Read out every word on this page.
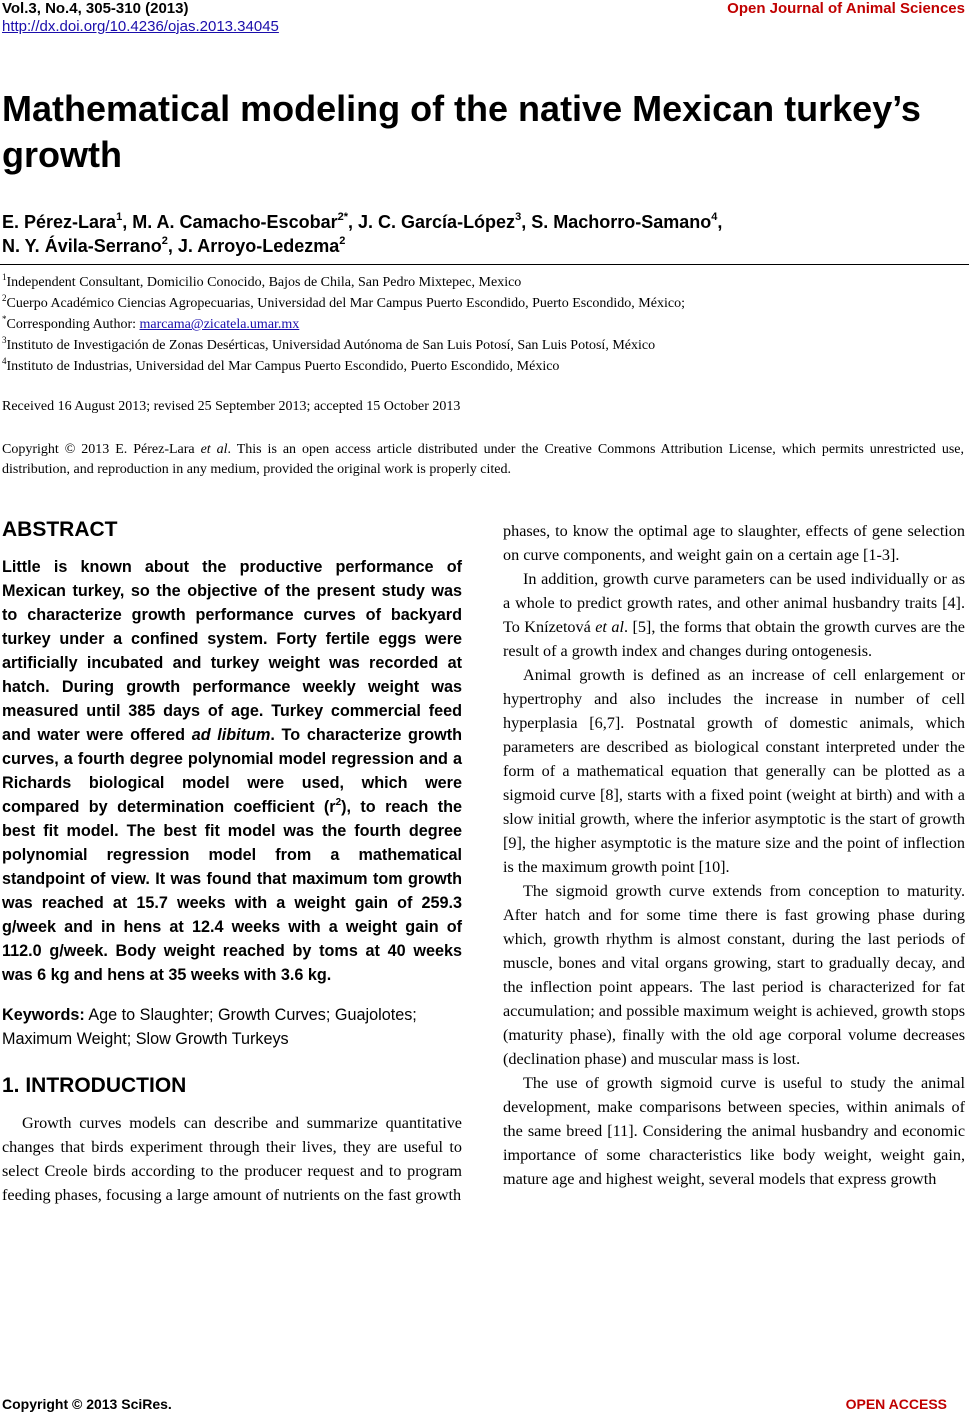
Vol.3, No.4, 305-310 (2013)
http://dx.doi.org/10.4236/ojas.2013.34045
Open Journal of Animal Sciences
Mathematical modeling of the native Mexican turkey’s growth
E. Pérez-Lara$^1$, M. A. Camacho-Escobar$^{2*}$, J. C. García-López$^3$, S. Machorro-Samano$^4$,
N. Y. Ávila-Serrano$^2$, J. Arroyo-Ledezma$^2$
$^1$Independent Consultant, Domicilio Conocido, Bajos de Chila, San Pedro Mixtepec, Mexico
$^2$Cuerpo Académico Ciencias Agropecuarias, Universidad del Mar Campus Puerto Escondido, Puerto Escondido, México;
*Corresponding Author: marcama@zicatela.umar.mx
$^3$Instituto de Investigación de Zonas Desérticas, Universidad Autónoma de San Luis Potosí, San Luis Potosí, México
$^4$Instituto de Industrias, Universidad del Mar Campus Puerto Escondido, Puerto Escondido, México
Received 16 August 2013; revised 25 September 2013; accepted 15 October 2013
Copyright © 2013 E. Pérez-Lara et al. This is an open access article distributed under the Creative Commons Attribution License, which permits unrestricted use, distribution, and reproduction in any medium, provided the original work is properly cited.
ABSTRACT
Little is known about the productive performance of Mexican turkey, so the objective of the present study was to characterize growth performance curves of backyard turkey under a confined system. Forty fertile eggs were artificially incubated and turkey weight was recorded at hatch. During growth performance weekly weight was measured until 385 days of age. Turkey commercial feed and water were offered ad libitum. To characterize growth curves, a fourth degree polynomial model regression and a Richards biological model were used, which were compared by determination coefficient $(r^2)$, to reach the best fit model. The best fit model was the fourth degree polynomial regression model from a mathematical standpoint of view. It was found that maximum tom growth was reached at 15.7 weeks with a weight gain of 259.3 g/week and in hens at 12.4 weeks with a weight gain of 112.0 g/week. Body weight reached by toms at 40 weeks was 6 kg and hens at 35 weeks with 3.6 kg.
Keywords: Age to Slaughter; Growth Curves; Guajolotes; Maximum Weight; Slow Growth Turkeys
1. INTRODUCTION

Growth curves models can describe and summarize quantitative changes that birds experiment through their lives, they are useful to select Creole birds according to the producer request and to program feeding phases, focusing a large amount of nutrients on the fast growth

phases, to know the optimal age to slaughter, effects of gene selection on curve components, and weight gain on a certain age [1-3].

In addition, growth curve parameters can be used individually or as a whole to predict growth rates, and other animal husbandry traits [4]. To Knízetová et al. [5], the forms that obtain the growth curves are the result of a growth index and changes during ontogenesis.

Animal growth is defined as an increase of cell enlargement or hypertrophy and also includes the increase in number of cell hyperplasia [6,7]. Postnatal growth of domestic animals, which parameters are described as biological constant interpreted under the form of a mathematical equation that generally can be plotted as a sigmoid curve [8], starts with a fixed point (weight at birth) and with a slow initial growth, where the inferior asymptotic is the start of growth [9], the higher asymptotic is the mature size and the point of inflection is the maximum growth point [10].

The sigmoid growth curve extends from conception to maturity. After hatch and for some time there is fast growing phase during which, growth rhythm is almost constant, during the last periods of muscle, bones and vital organs growing, start to gradually decay, and the inflection point appears. The last period is characterized for fat accumulation; and possible maximum weight is achieved, growth stops (maturity phase), finally with the old age corporal volume decreases (declination phase) and muscular mass is lost.

The use of growth sigmoid curve is useful to study the animal development, make comparisons between species, within animals of the same breed [11]. Considering the animal husbandry and economic importance of some characteristics like body weight, weight gain, mature age and highest weight, several models that express growth

Copyright © 2013 SciRes.	OPEN ACCESS
